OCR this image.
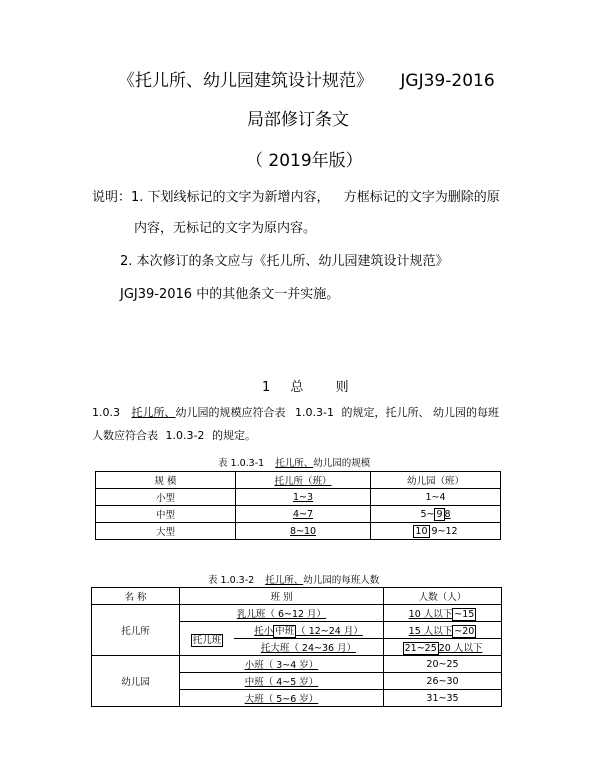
《托儿所、幼儿园建筑设计规范》 JGJ39-2016
局部修订条文
（ 2019年版）
说明：1. 下划线标记的文字为新增内容， 方框标记的文字为删除的原
内容，无标记的文字为原内容。
2. 本次修订的条文应与《托儿所、幼儿园建筑设计规范》
JGJ39-2016 中的其他条文一并实施。
1 总 则
1.0.3 托儿所、幼儿园的规模应符合表 1.0.3-1 的规定，托儿所、 幼儿园的每班
人数应符合表 1.0.3-2 的规定。
表 1.0.3-1 托儿所、幼儿园的规模
规 模	托儿所（班）	幼儿园（班）
小型	1~3	1~4
中型	4~7	5~ 9 8
大型	8~10	10 9~12
表 1.0.3-2 托儿所、幼儿园的每班人数
名 称	班 别		人数（人）
托儿所	乳儿班（ 6~12 月）		10 人以下 ~15
	托儿班	托小 中班 （ 12~24 月）	15 人以下 ~20
		托大班（ 24~36 月）	21~25 20 人以下
幼儿园	小班（ 3~4 岁）		20~25
	中班（ 4~5 岁）		26~30
	大班（ 5~6 岁）		31~35
